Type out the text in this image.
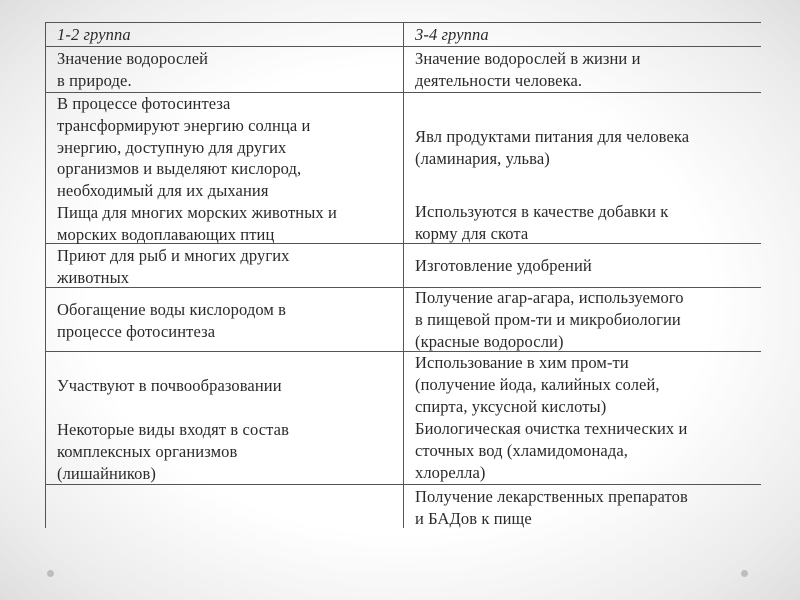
1-2 группа	3-4 группа
Значение водорослей
в природе.
Значение водорослей в жизни и
деятельности человека.
В процессе фотосинтеза
трансформируют энергию солнца и
энергию, доступную для других
организмов и выделяют кислород,
необходимый для их дыхания
Пища для многих морских животных и
морских водоплавающих птиц
Явл продуктами питания для человека
(ламинария, ульва)
Используются в качестве добавки к
корму для скота
Приют для рыб и многих других
животных
Изготовление удобрений
Обогащение воды кислородом в
процессе фотосинтеза
Получение агар-агара, используемого
в пищевой пром-ти и микробиологии
(красные водоросли)
Участвуют в почвообразовании
Некоторые виды входят в состав
комплексных организмов
(лишайников)
Использование в хим пром-ти
(получение йода, калийных солей,
спирта, уксусной кислоты)
Биологическая очистка технических и
сточных вод (хламидомонада,
хлорелла)
Получение лекарственных препаратов
и БАДов к пище
